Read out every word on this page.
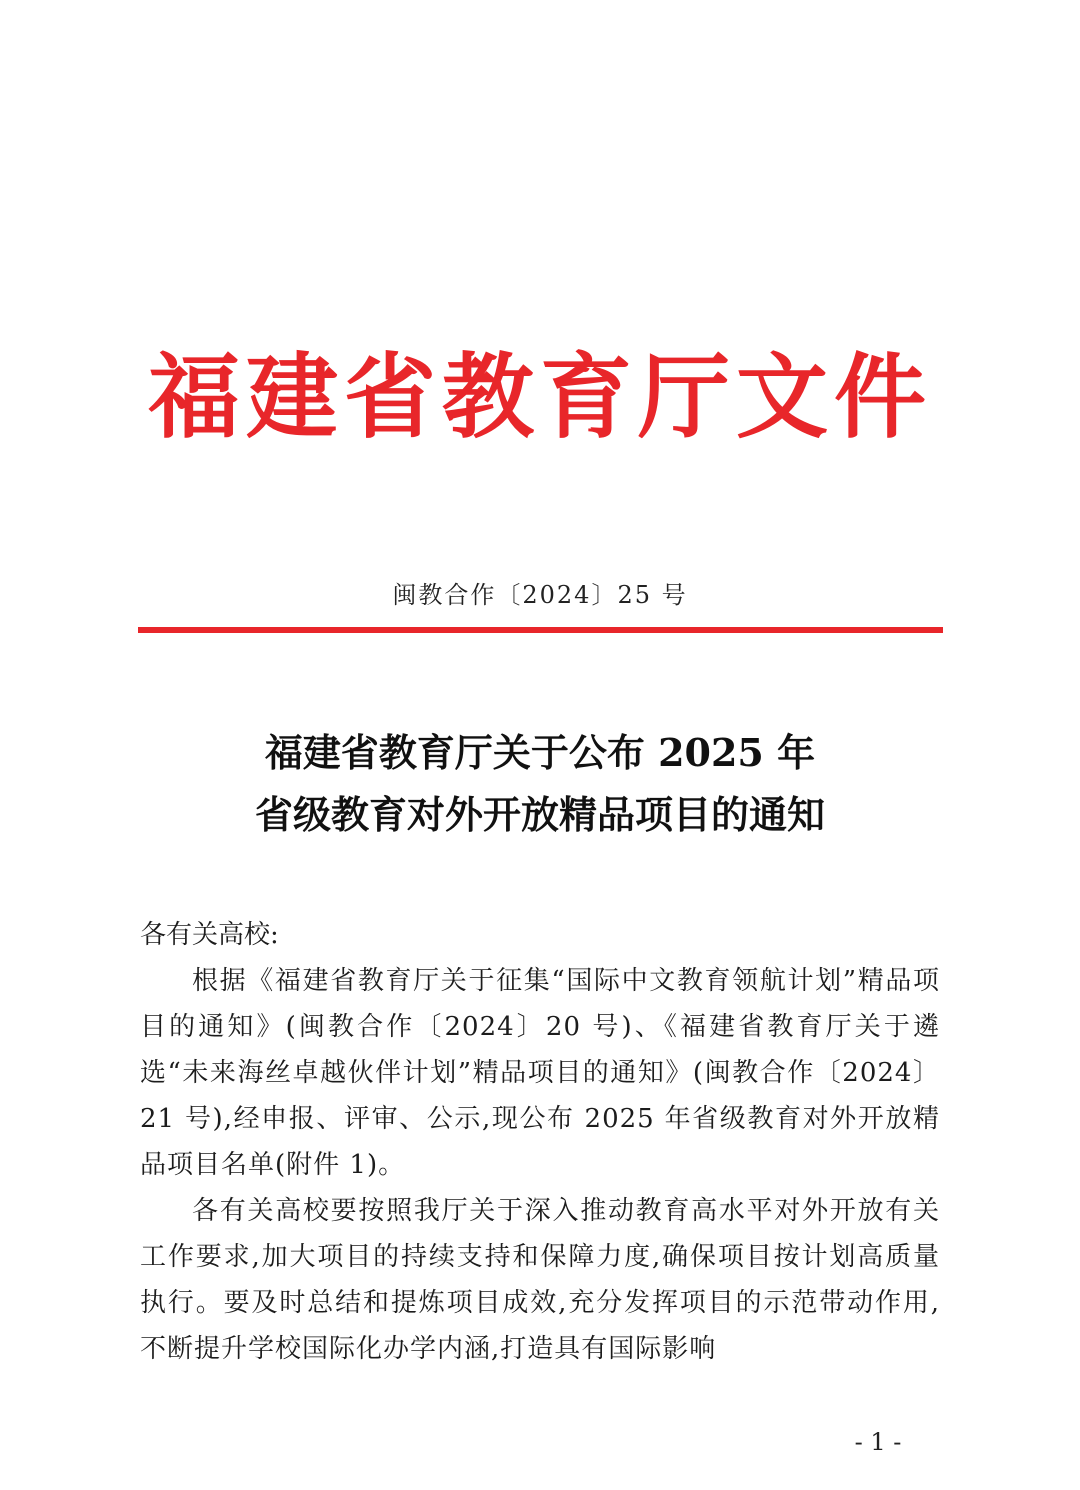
福建省教育厅文件
闽教合作〔2024〕25 号
福建省教育厅关于公布 2025 年
省级教育对外开放精品项目的通知
各有关高校:

根据《福建省教育厅关于征集“国际中文教育领航计划”精品项目的通知》(闽教合作〔2024〕20 号)、《福建省教育厅关于遴选“未来海丝卓越伙伴计划”精品项目的通知》(闽教合作〔2024〕21 号),经申报、评审、公示,现公布 2025 年省级教育对外开放精品项目名单(附件 1)。

各有关高校要按照我厅关于深入推动教育高水平对外开放有关工作要求,加大项目的持续支持和保障力度,确保项目按计划高质量执行。要及时总结和提炼项目成效,充分发挥项目的示范带动作用,不断提升学校国际化办学内涵,打造具有国际影响

- 1 -
